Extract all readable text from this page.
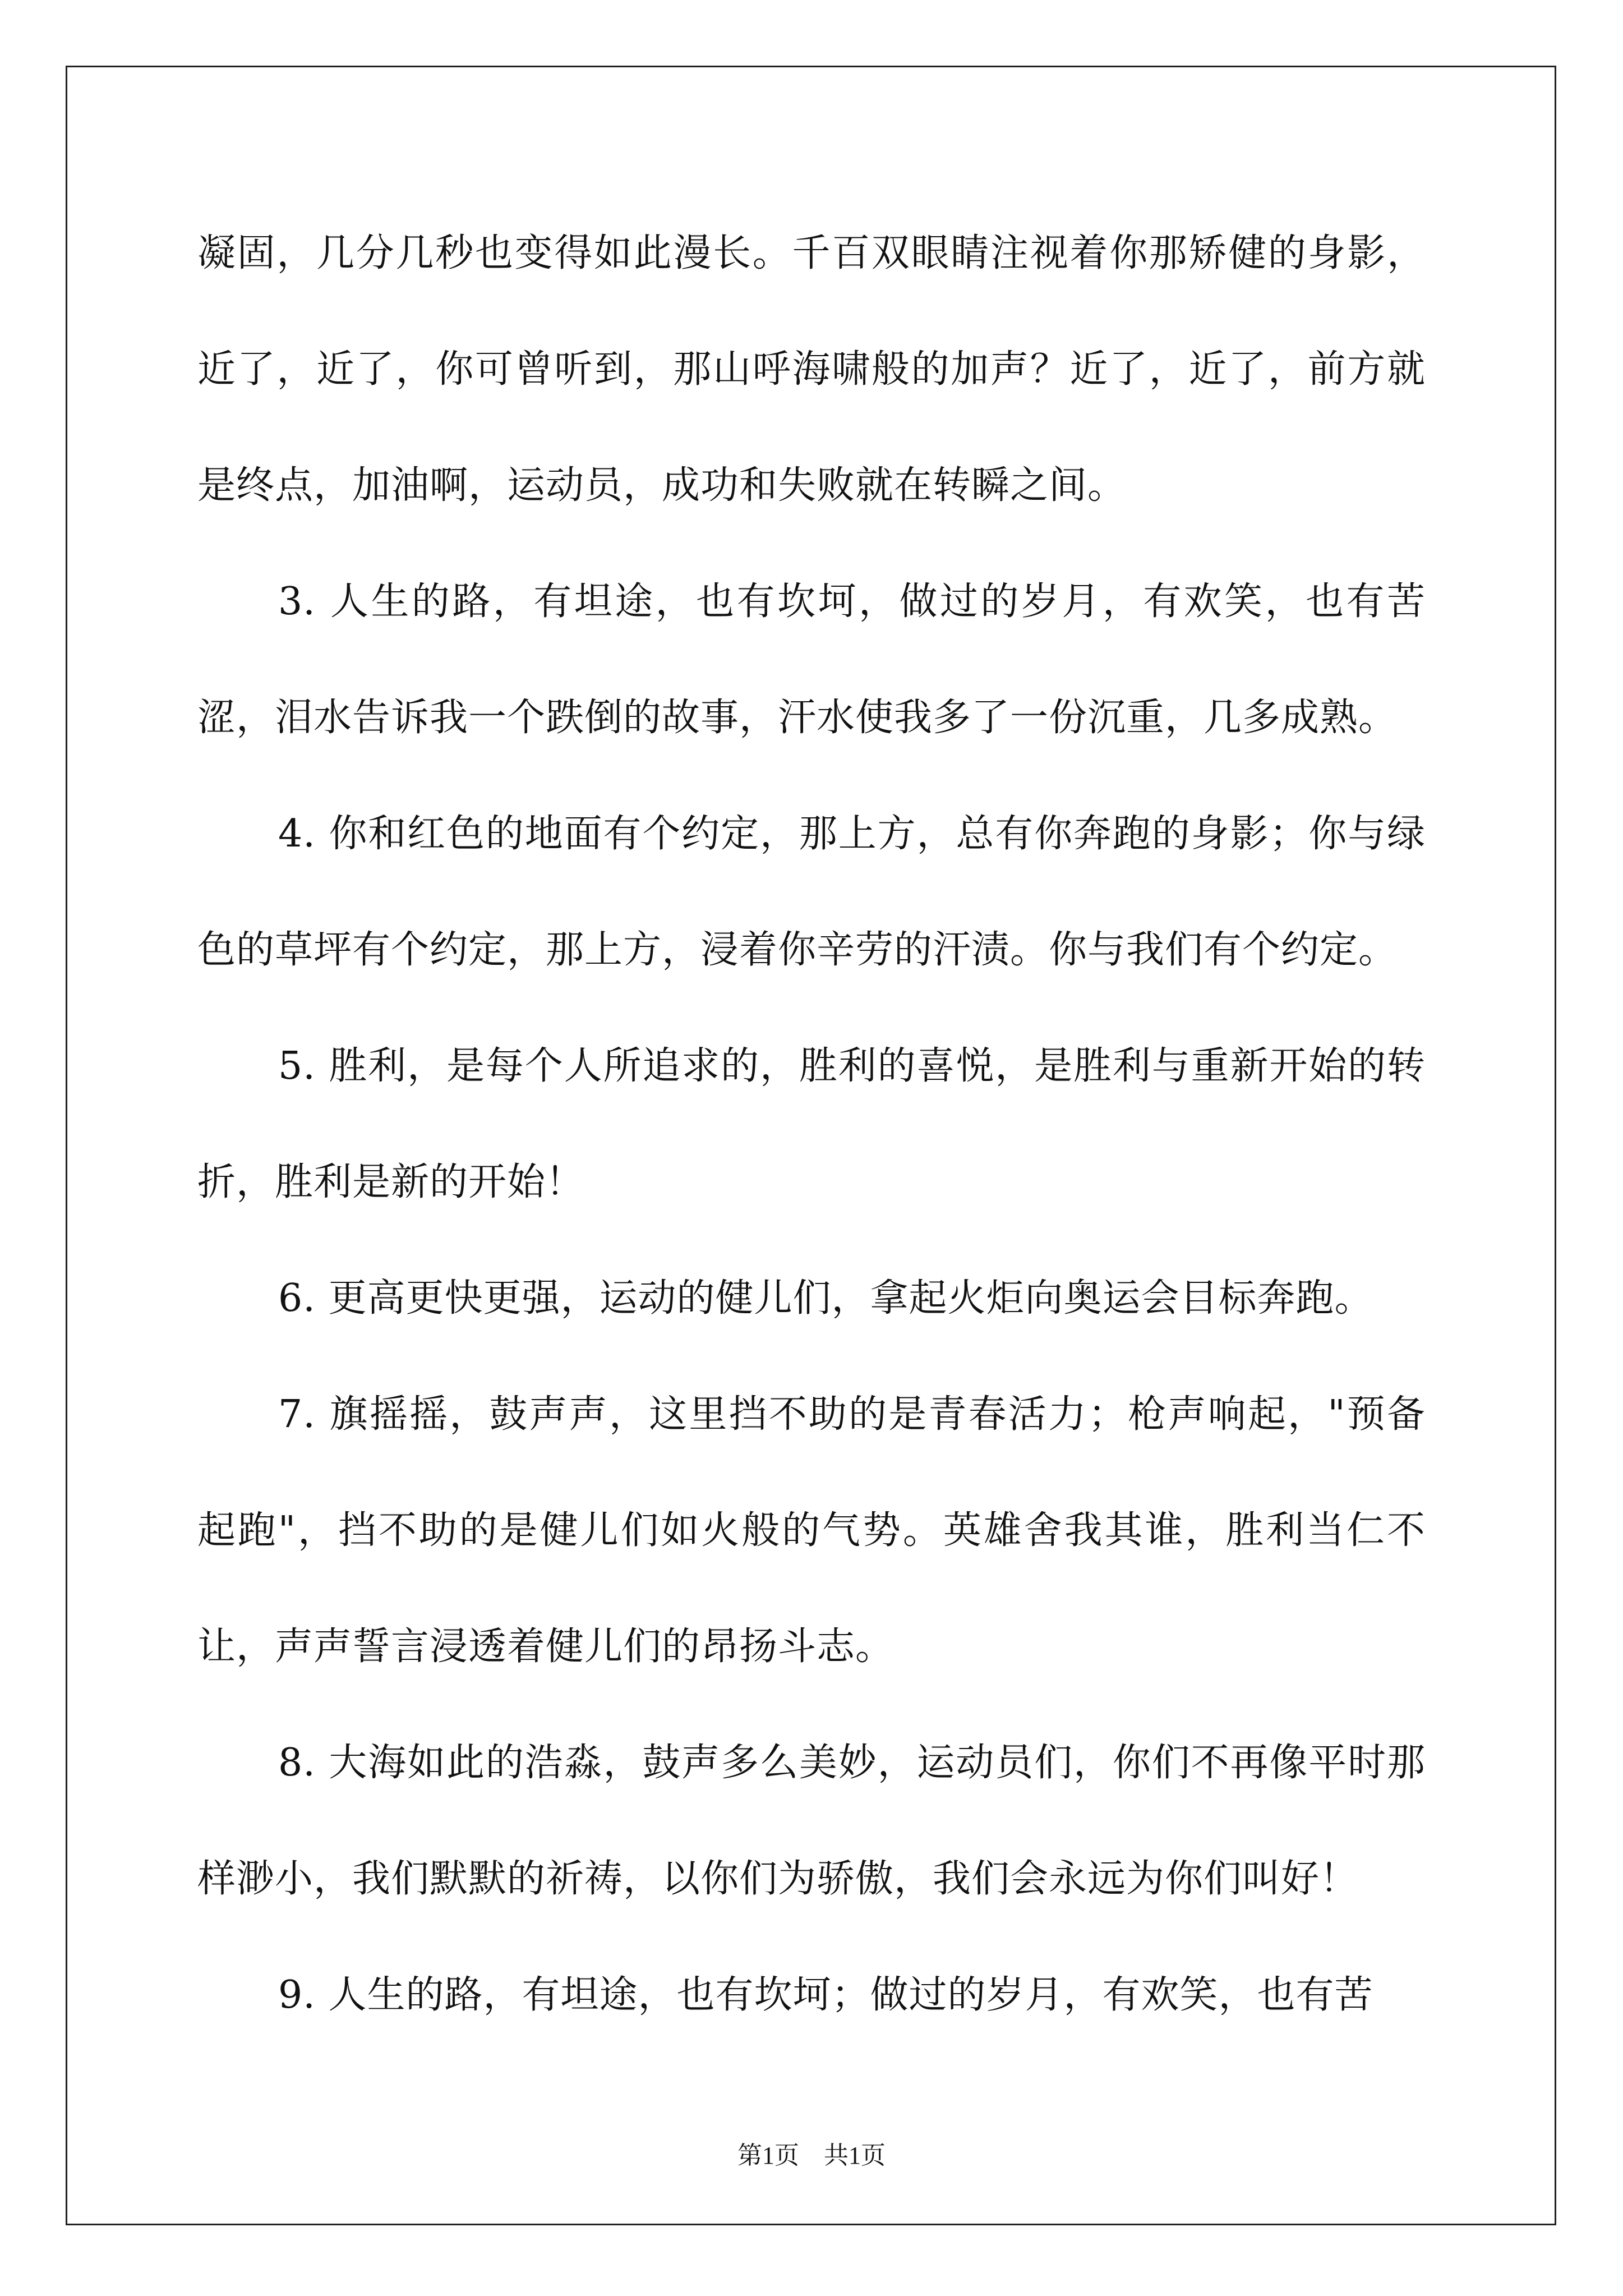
凝固，几分几秒也变得如此漫长。千百双眼睛注视着你那矫健的身影，近了，近了，你可曾听到，那山呼海啸般的加声？近了，近了，前方就是终点，加油啊，运动员，成功和失败就在转瞬之间。

3. 人生的路，有坦途，也有坎坷，做过的岁月，有欢笑，也有苦涩，泪水告诉我一个跌倒的故事，汗水使我多了一份沉重，几多成熟。

4. 你和红色的地面有个约定，那上方，总有你奔跑的身影；你与绿色的草坪有个约定，那上方，浸着你辛劳的汗渍。你与我们有个约定。

5. 胜利，是每个人所追求的，胜利的喜悦，是胜利与重新开始的转折，胜利是新的开始！

6. 更高更快更强，运动的健儿们，拿起火炬向奥运会目标奔跑。

7. 旗摇摇，鼓声声，这里挡不助的是青春活力；枪声响起，"预备起跑"，挡不助的是健儿们如火般的气势。英雄舍我其谁，胜利当仁不让，声声誓言浸透着健儿们的昂扬斗志。

8. 大海如此的浩淼，鼓声多么美妙，运动员们，你们不再像平时那样渺小，我们默默的祈祷，以你们为骄傲，我们会永远为你们叫好！

9. 人生的路，有坦途，也有坎坷；做过的岁月，有欢笑，也有苦

第1页　共1页
